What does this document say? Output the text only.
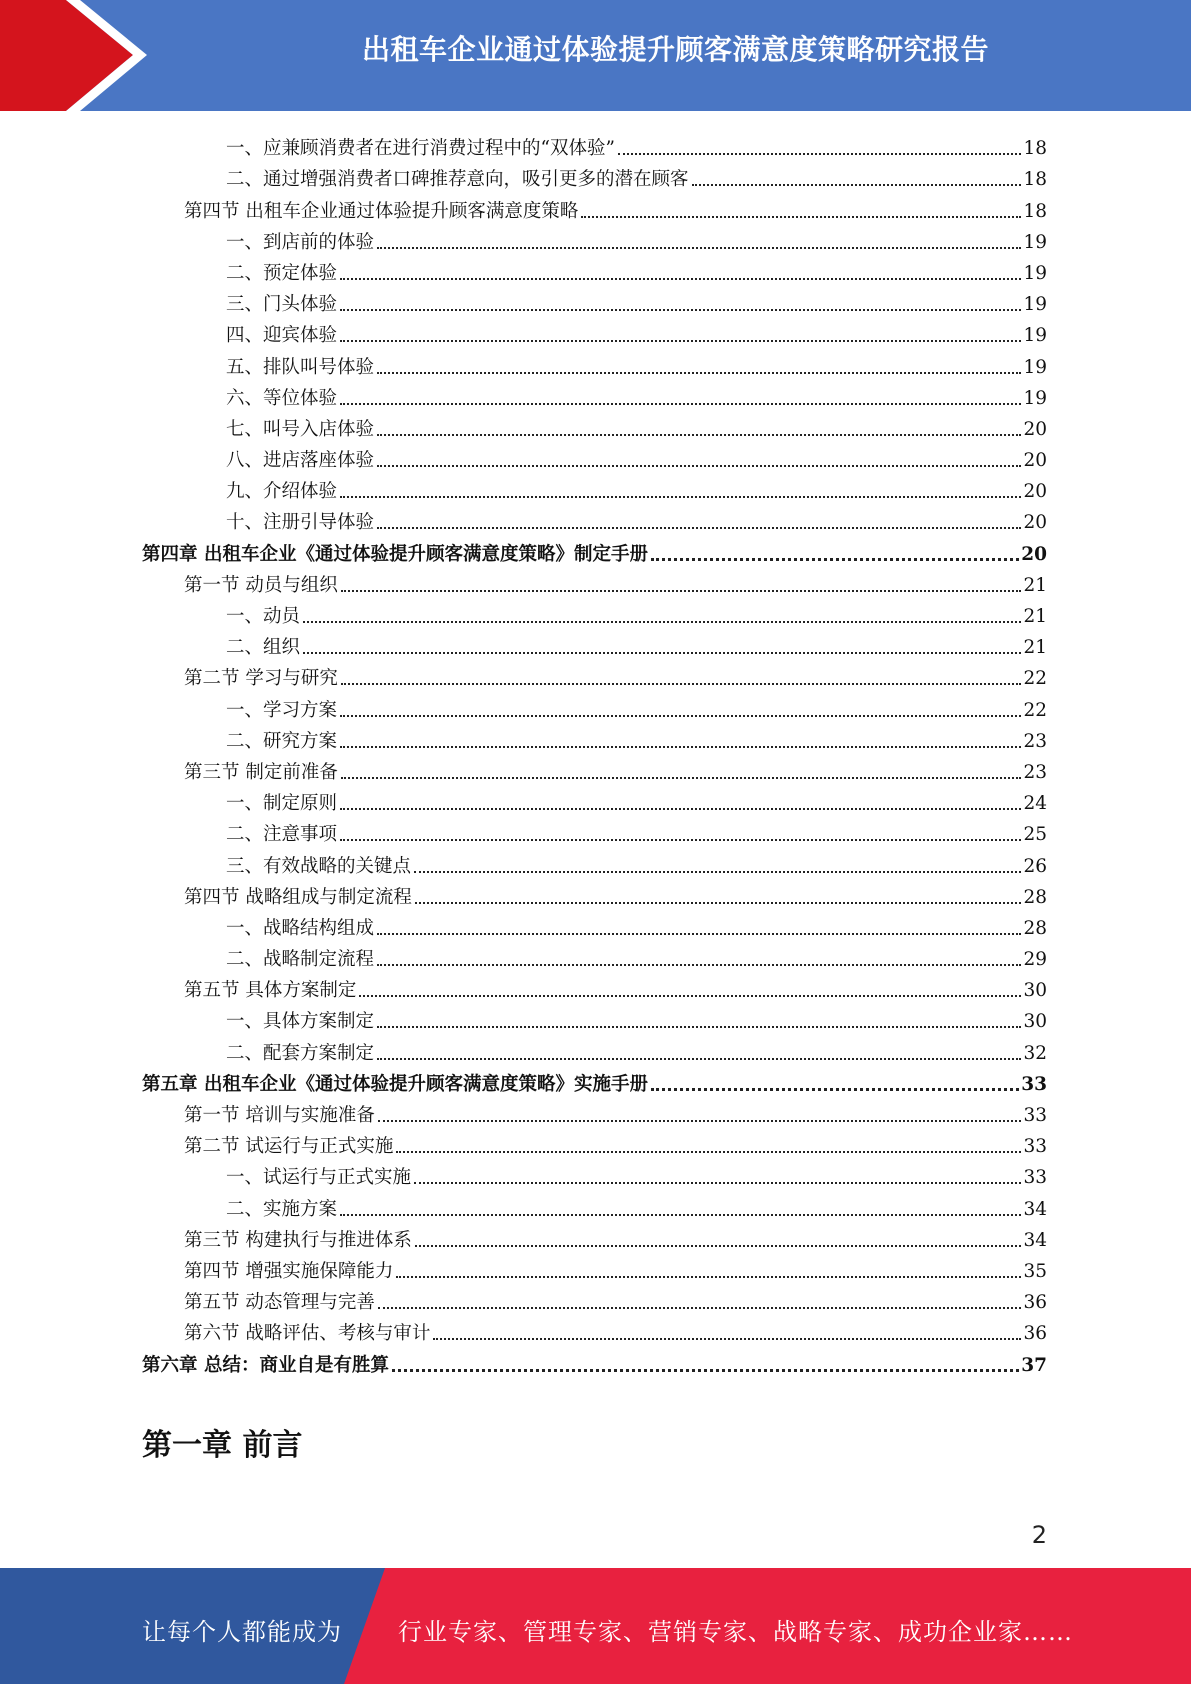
出租车企业通过体验提升顾客满意度策略研究报告
一、应兼顾消费者在进行消费过程中的“双体验”	18
二、通过增强消费者口碑推荐意向，吸引更多的潜在顾客	18
第四节 出租车企业通过体验提升顾客满意度策略	18
一、到店前的体验	19
二、预定体验	19
三、门头体验	19
四、迎宾体验	19
五、排队叫号体验	19
六、等位体验	19
七、叫号入店体验	20
八、进店落座体验	20
九、介绍体验	20
十、注册引导体验	20
第四章 出租车企业《通过体验提升顾客满意度策略》制定手册	20
第一节 动员与组织	21
一、动员	21
二、组织	21
第二节 学习与研究	22
一、学习方案	22
二、研究方案	23
第三节 制定前准备	23
一、制定原则	24
二、注意事项	25
三、有效战略的关键点	26
第四节 战略组成与制定流程	28
一、战略结构组成	28
二、战略制定流程	29
第五节 具体方案制定	30
一、具体方案制定	30
二、配套方案制定	32
第五章 出租车企业《通过体验提升顾客满意度策略》实施手册	33
第一节 培训与实施准备	33
第二节 试运行与正式实施	33
一、试运行与正式实施	33
二、实施方案	34
第三节 构建执行与推进体系	34
第四节 增强实施保障能力	35
第五节 动态管理与完善	36
第六节 战略评估、考核与审计	36
第六章 总结：商业自是有胜算	37
第一章 前言
2
让每个人都能成为 行业专家、管理专家、营销专家、战略专家、成功企业家……
